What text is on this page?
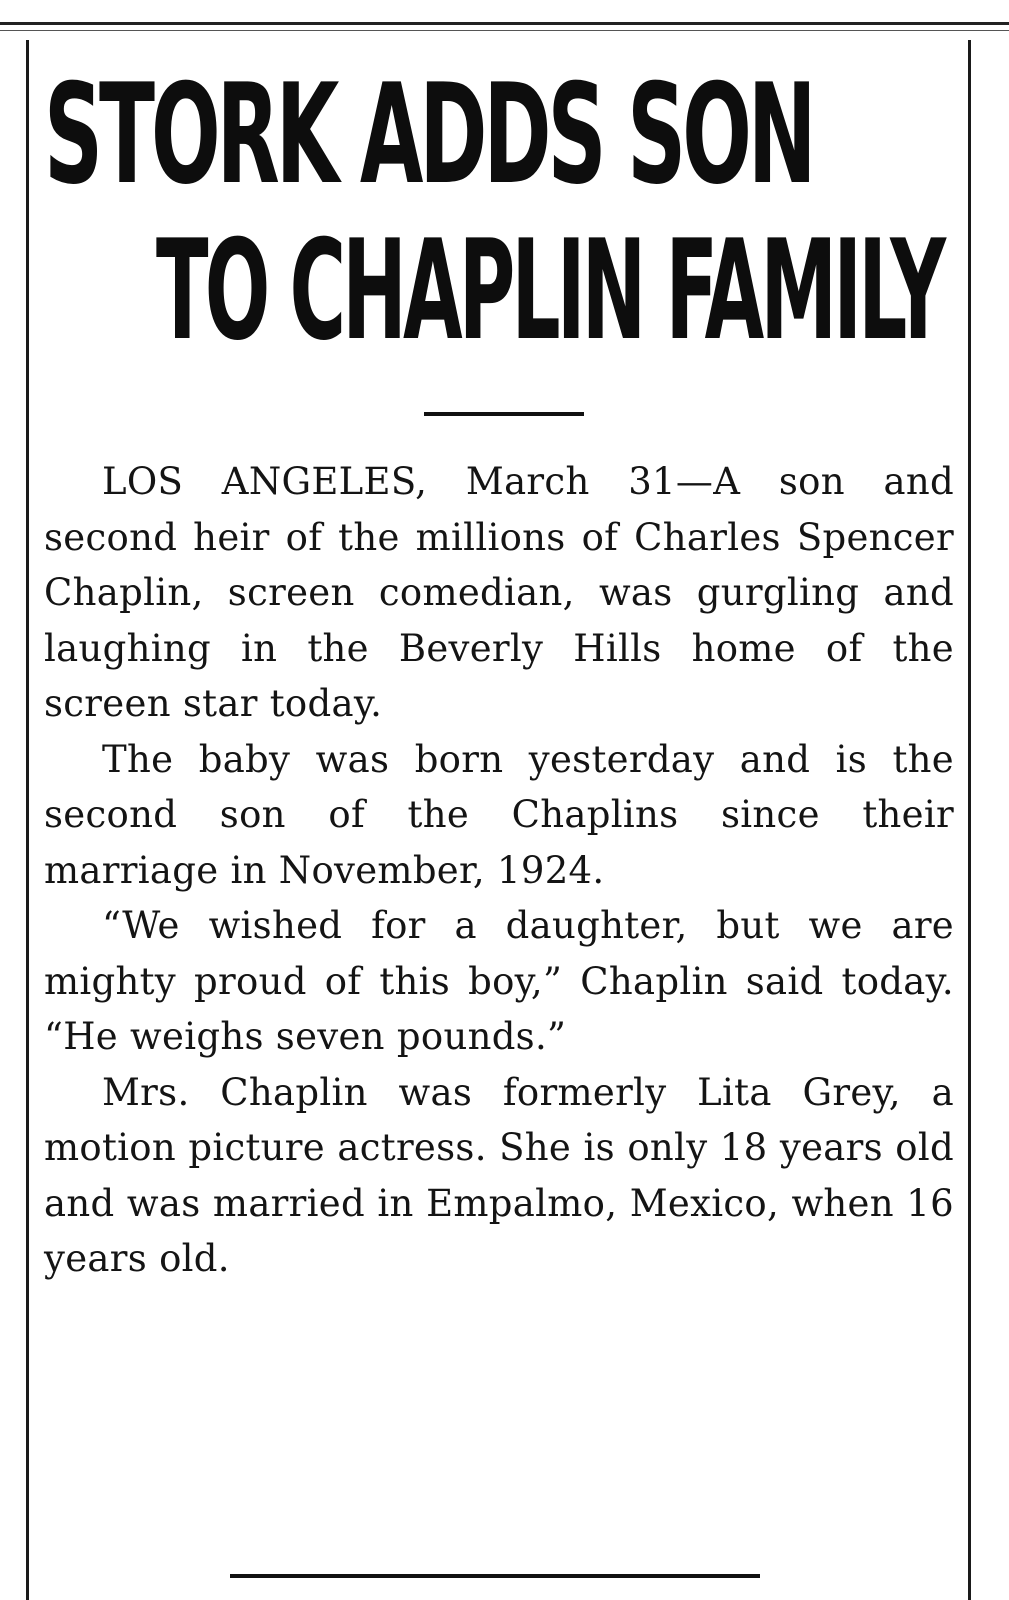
STORK ADDS SON
TO CHAPLIN FAMILY

LOS ANGELES, March 31—A son and second heir of the millions of Charles Spencer Chaplin, screen comedian, was gurgling and laughing in the Beverly Hills home of the screen star today.

The baby was born yesterday and is the second son of the Chaplins since their marriage in November, 1924.

“We wished for a daughter, but we are mighty proud of this boy,” Chaplin said today. “He weighs seven pounds.”

Mrs. Chaplin was formerly Lita Grey, a motion picture actress. She is only 18 years old and was married in Empalmo, Mexico, when 16 years old.
